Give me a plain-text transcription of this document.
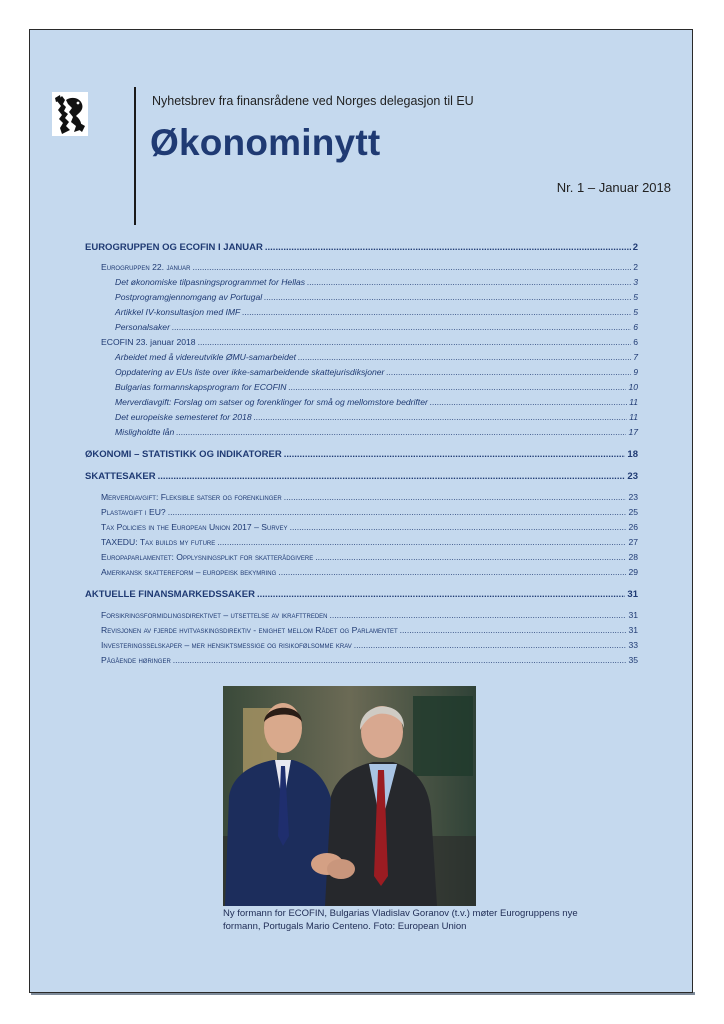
Nyhetsbrev fra finansrådene ved Norges delegasjon til EU
Økonominytt
Nr. 1 – Januar 2018
EUROGRUPPEN OG ECOFIN I JANUAR .....	2
Eurogruppen 22. januar .....	2
Det økonomiske tilpasningsprogrammet for Hellas .....	3
Postprogramgjennomgang av Portugal .....	5
Artikkel IV-konsultasjon med IMF .....	5
Personalsaker .....	6
ECOFIN 23. januar 2018 .....	6
Arbeidet med å videreutvikle ØMU-samarbeidet .....	7
Oppdatering av EUs liste over ikke-samarbeidende skattejurisdiksjoner .....	9
Bulgarias formannskapsprogram for ECOFIN .....	10
Merverdiavgift: Forslag om satser og forenklinger for små og mellomstore bedrifter .....	11
Det europeiske semesteret for 2018 .....	11
Misligholdte lån .....	17
ØKONOMI – STATISTIKK OG INDIKATORER .....	18
SKATTESAKER .....	23
Merverdiavgift: Fleksible satser og forenklinger .....	23
Plastavgift i EU? .....	25
Tax Policies in the European Union 2017 – Survey .....	26
TAXEDU: Tax builds my future .....	27
Europaparlamentet: Opplysningsplikt for skatterådgivere .....	28
Amerikansk skattereform – europeisk bekymring .....	29
AKTUELLE FINANSMARKEDSSAKER .....	31
Forsikringsformidlingsdirektivet – utsettelse av ikrafttreden .....	31
Revisjonen av fjerde hvitvaskingsdirektiv - enighet mellom Rådet og Parlamentet .....	31
Investeringsselskaper – mer hensiktsmessige og risikofølsomme krav .....	33
Pågående høringer .....	35
Ny formann for ECOFIN, Bulgarias Vladislav Goranov (t.v.) møter Eurogruppens nye formann, Portugals Mario Centeno. Foto: European Union
